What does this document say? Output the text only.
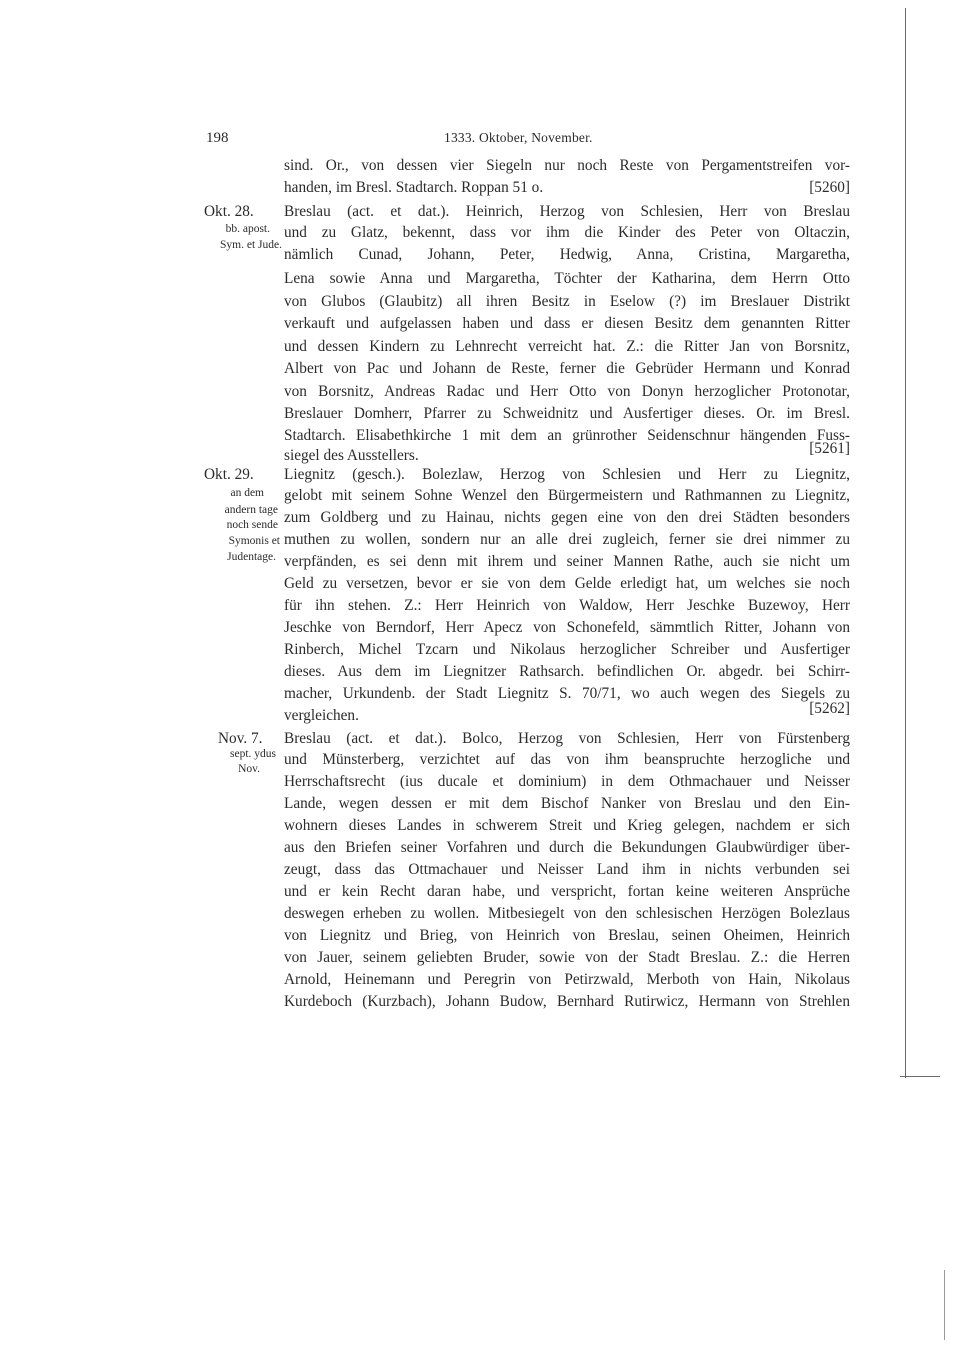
198	1333. Oktober, November.
Okt. 28.
bb. apost.
Sym. et Jude.
Okt. 29.
an dem
andern tage
noch sende
Symonis et
Judentage.
Nov. 7.
sept. ydus
Nov.
sind. Or., von dessen vier Siegeln nur noch Reste von Pergamentstreifen vor-
handen, im Bresl. Stadtarch. Roppan 51 o.	[5260]
Breslau (act. et dat.). Heinrich, Herzog von Schlesien, Herr von Breslau
und zu Glatz, bekennt, dass vor ihm die Kinder des Peter von Oltaczin,
nämlich Cunad, Johann, Peter, Hedwig, Anna, Cristina, Margaretha,
Lena sowie Anna und Margaretha, Töchter der Katharina, dem Herrn Otto
von Glubos (Glaubitz) all ihren Besitz in Eselow (?) im Breslauer Distrikt
verkauft und aufgelassen haben und dass er diesen Besitz dem genannten Ritter
und dessen Kindern zu Lehnrecht verreicht hat. Z.: die Ritter Jan von Borsnitz,
Albert von Pac und Johann de Reste, ferner die Gebrüder Hermann und Konrad
von Borsnitz, Andreas Radac und Herr Otto von Donyn herzoglicher Protonotar,
Breslauer Domherr, Pfarrer zu Schweidnitz und Ausfertiger dieses. Or. im Bresl.
Stadtarch. Elisabethkirche 1 mit dem an grünrother Seidenschnur hängenden Fuss-
siegel des Ausstellers.	[5261]
Liegnitz (gesch.). Bolezlaw, Herzog von Schlesien und Herr zu Liegnitz,
gelobt mit seinem Sohne Wenzel den Bürgermeistern und Rathmannen zu Liegnitz,
zum Goldberg und zu Hainau, nichts gegen eine von den drei Städten besonders
muthen zu wollen, sondern nur an alle drei zugleich, ferner sie drei nimmer zu
verpfänden, es sei denn mit ihrem und seiner Mannen Rathe, auch sie nicht um
Geld zu versetzen, bevor er sie von dem Gelde erledigt hat, um welches sie noch
für ihn stehen. Z.: Herr Heinrich von Waldow, Herr Jeschke Buzewoy, Herr
Jeschke von Berndorf, Herr Apecz von Schonefeld, sämmtlich Ritter, Johann von
Rinberch, Michel Tzcarn und Nikolaus herzoglicher Schreiber und Ausfertiger
dieses. Aus dem im Liegnitzer Rathsarch. befindlichen Or. abgedr. bei Schirr-
macher, Urkundenb. der Stadt Liegnitz S. 70/71, wo auch wegen des Siegels zu
vergleichen.	[5262]
Breslau (act. et dat.). Bolco, Herzog von Schlesien, Herr von Fürstenberg
und Münsterberg, verzichtet auf das von ihm beanspruchte herzogliche und
Herrschaftsrecht (ius ducale et dominium) in dem Othmachauer und Neisser
Lande, wegen dessen er mit dem Bischof Nanker von Breslau und den Ein-
wohnern dieses Landes in schwerem Streit und Krieg gelegen, nachdem er sich
aus den Briefen seiner Vorfahren und durch die Bekundungen Glaubwürdiger über-
zeugt, dass das Ottmachauer und Neisser Land ihm in nichts verbunden sei
und er kein Recht daran habe, und verspricht, fortan keine weiteren Ansprüche
deswegen erheben zu wollen. Mitbesiegelt von den schlesischen Herzögen Bolezlaus
von Liegnitz und Brieg, von Heinrich von Breslau, seinen Oheimen, Heinrich
von Jauer, seinem geliebten Bruder, sowie von der Stadt Breslau. Z.: die Herren
Arnold, Heinemann und Peregrin von Petirzwald, Merboth von Hain, Nikolaus
Kurdeboch (Kurzbach), Johann Budow, Bernhard Rutirwicz, Hermann von Strehlen
